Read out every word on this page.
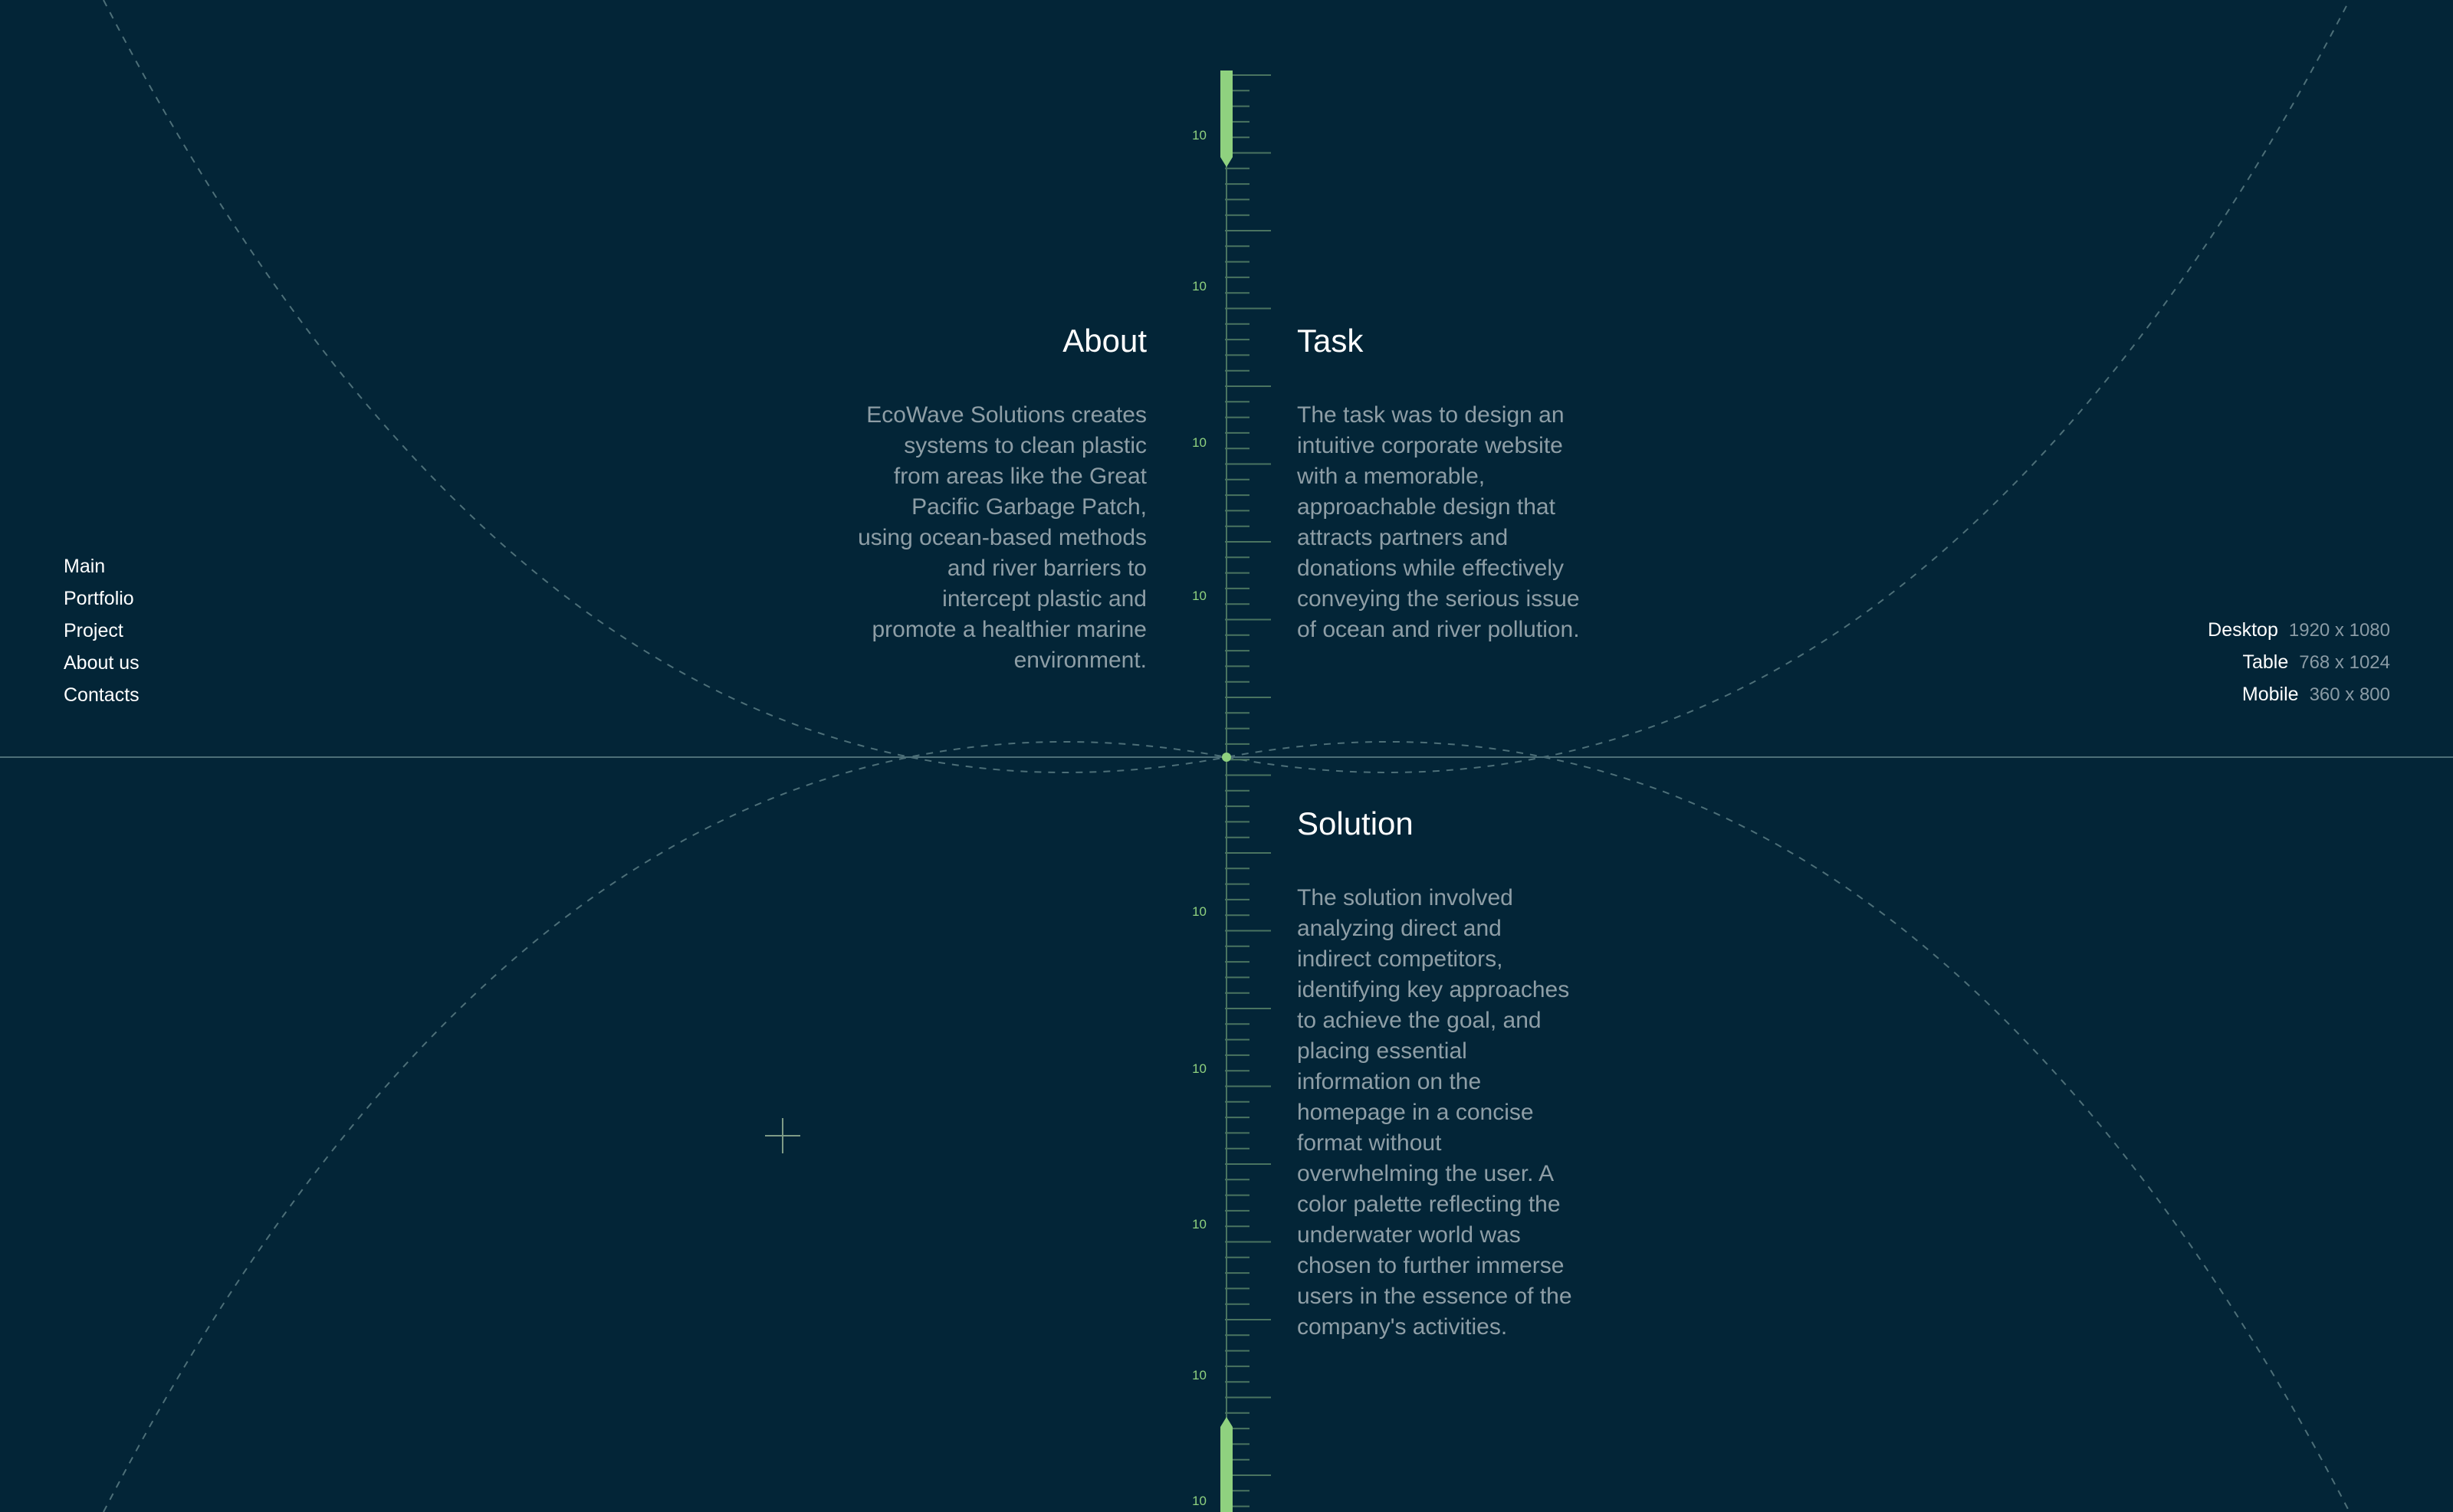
10
10
10
10
10
10
10
10
10
Main
Portfolio
Project
About us
Contacts
Desktop 1920 x 1080
Table 768 x 1024
Mobile 360 x 800
About

EcoWave Solutions creates systems to clean plastic from areas like the Great Pacific Garbage Patch, using ocean-based methods and river barriers to intercept plastic and promote a healthier marine environment.

Task

The task was to design an intuitive corporate website with a memorable, approachable design that attracts partners and donations while effectively conveying the serious issue of ocean and river pollution.

Solution

The solution involved analyzing direct and indirect competitors, identifying key approaches to achieve the goal, and placing essential information on the homepage in a concise format without overwhelming the user. A color palette reflecting the underwater world was chosen to further immerse users in the essence of the company's activities.
